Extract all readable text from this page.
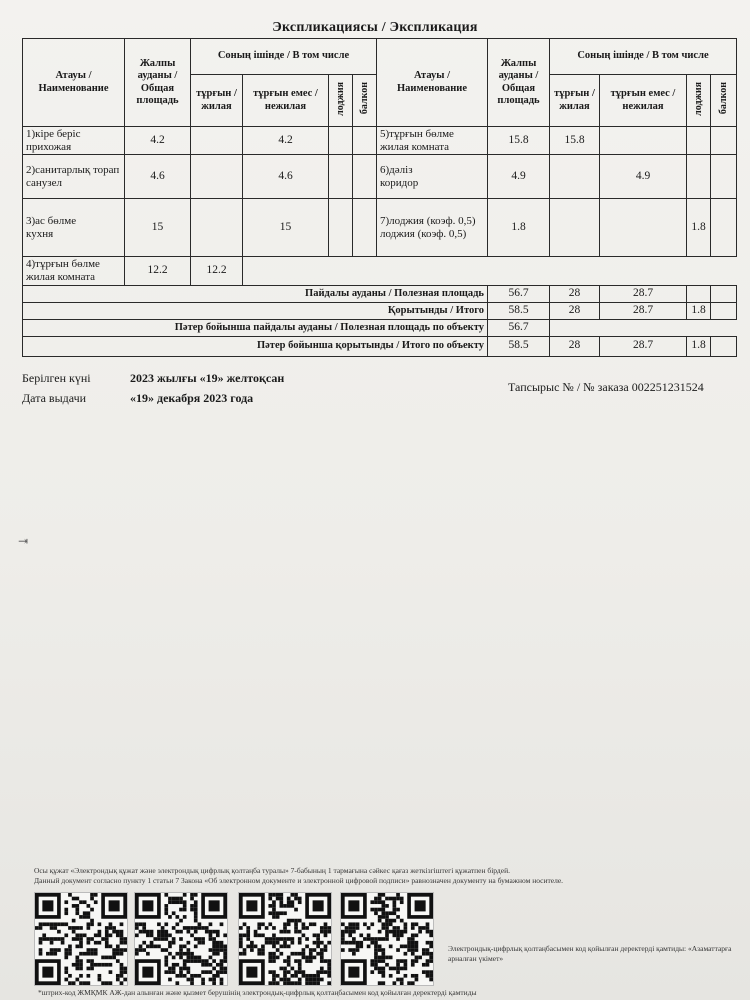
Экспликациясы / Экспликация
Атауы / Наименование	Жалпы ауданы / Общая площадь	Соның ішінде / В том числе				Атауы / Наименование	Жалпы ауданы / Общая площадь	Соның ішінде / В том числе			
		тұрғын / жилая	тұрғын емес / нежилая	лоджия	балкон			тұрғын / жилая	тұрғын емес / нежилая	лоджия	балкон
1)кіре беріс
прихожая	4.2		4.2			5)тұрғын бөлме
жилая комната	15.8	15.8			
2)санитарлық торап
санузел	4.6		4.6			6)дәліз
коридор	4.9		4.9		
3)ас бөлме
кухня	15		15			7)лоджия (коэф. 0,5)
лоджия (коэф. 0,5)	1.8			1.8	
4)тұрғын бөлме
жилая комната	12.2	12.2									
Пайдалы ауданы / Полезная площадь							56.7	28	28.7		
Қорытынды / Итого							58.5	28	28.7	1.8	
Пәтер бойынша пайдалы ауданы / Полезная площадь по объекту							56.7				
Пәтер бойынша қорытынды / Итого по объекту							58.5	28	28.7	1.8	
Берілген күні	2023 жылғы «19» желтоқсан
Дата выдачи	«19» декабря 2023 года
Тапсырыс № / № заказа 002251231524
⇥
Осы құжат «Электрондық құжат және электрондық цифрлық қолтаңба туралы» 7-бабының 1 тармағына сәйкес қағаз жеткізгіштегі құжатпен бірдей.
Данный документ согласно пункту 1 статьи 7 Закона «Об электронном документе и электронной цифровой подписи» равнозначен документу на бумажном носителе.
Электрондық-цифрлық қолтаңбасымен код қойылған деректерді қамтиды: «Азаматтарға арналған үкімет»
*штрих-код ЖМҚМК АЖ-дан алынған және қызмет берушінің электрондық-цифрлық қолтаңбасымен код қойылған деректерді қамтиды
